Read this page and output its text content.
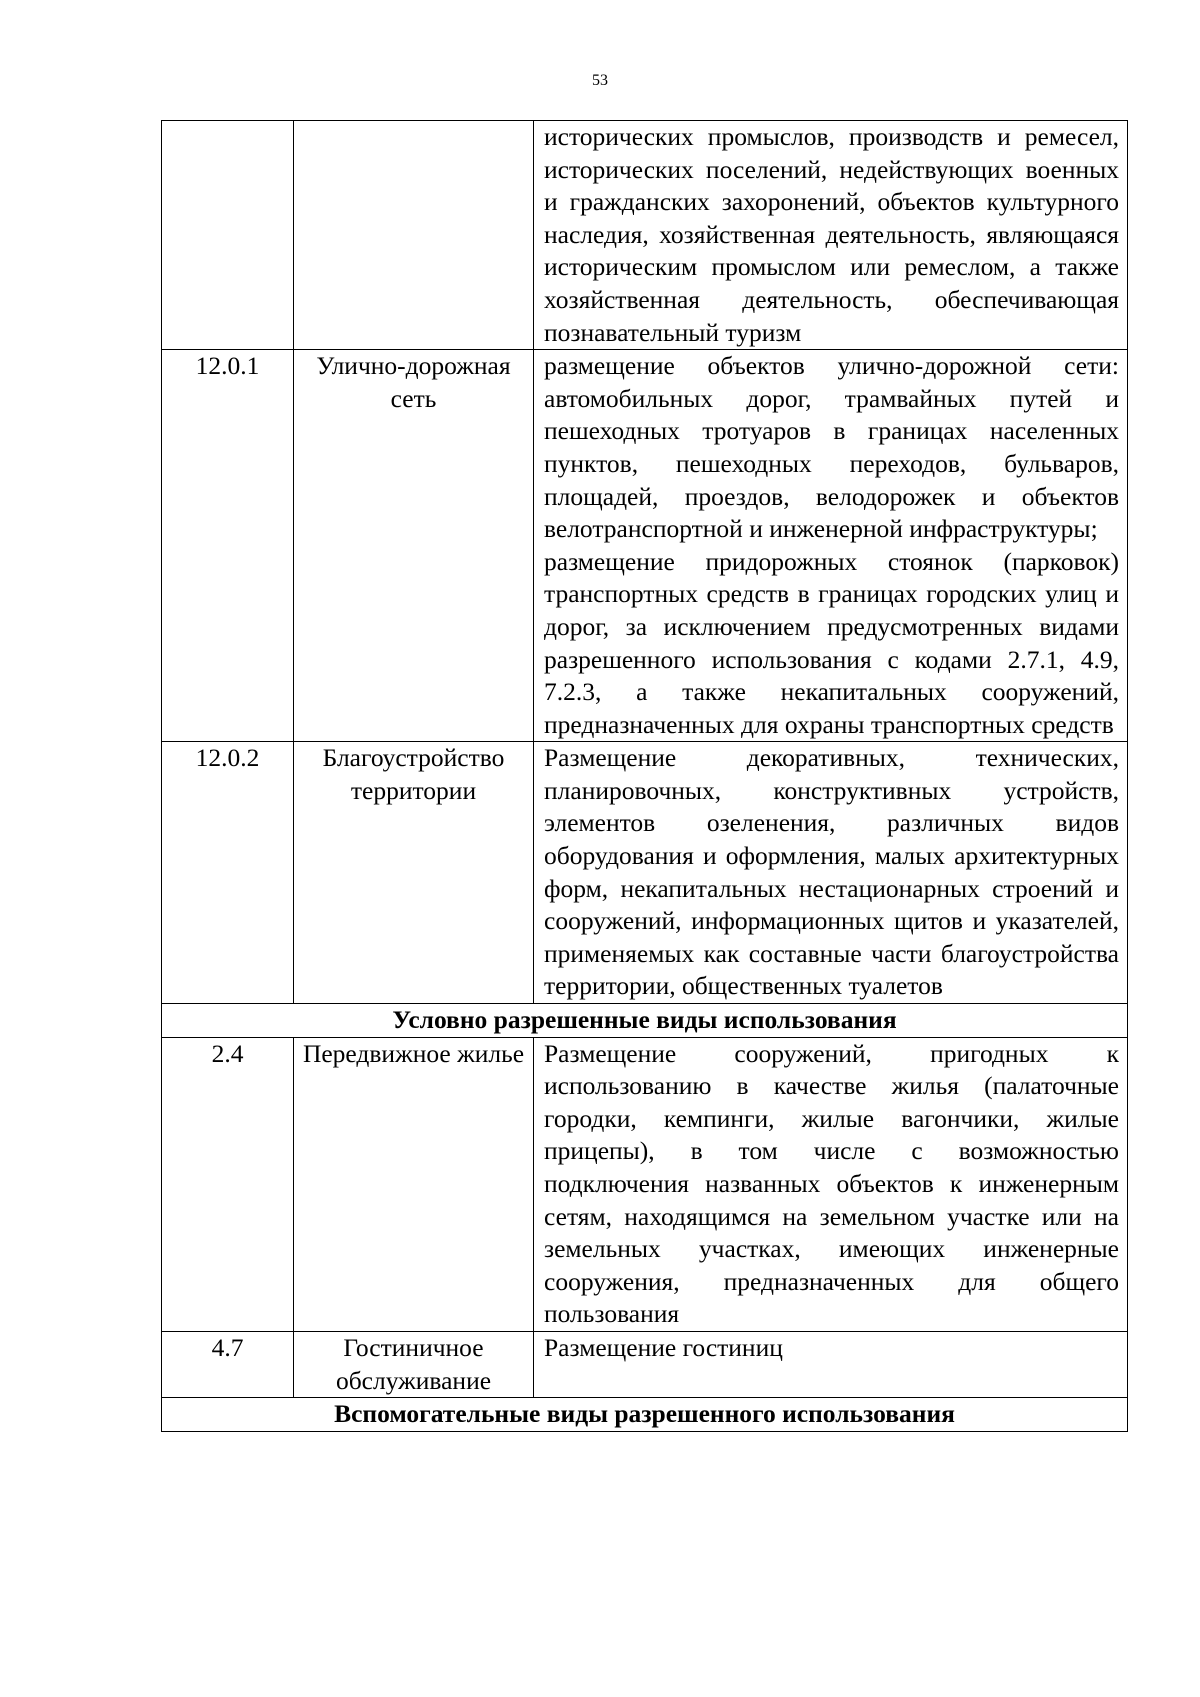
53

		исторических промыслов, производств и ремесел, исторических поселений, недействующих военных и гражданских захоронений, объектов культурного наследия, хозяйственная деятельность, являющаяся историческим промыслом или ремеслом, а также хозяйственная деятельность, обеспечивающая познавательный туризм

12.0.1	Улично-дорожная сеть	размещение объектов улично-дорожной сети: автомобильных дорог, трамвайных путей и пешеходных тротуаров в границах населенных пунктов, пешеходных переходов, бульваров, площадей, проездов, велодорожек и объектов велотранспортной и инженерной инфраструктуры;
размещение придорожных стоянок (парковок) транспортных средств в границах городских улиц и дорог, за исключением предусмотренных видами разрешенного использования с кодами 2.7.1, 4.9, 7.2.3, а также некапитальных сооружений, предназначенных для охраны транспортных средств

12.0.2	Благоустройство территории	Размещение декоративных, технических, планировочных, конструктивных устройств, элементов озеленения, различных видов оборудования и оформления, малых архитектурных форм, некапитальных нестационарных строений и сооружений, информационных щитов и указателей, применяемых как составные части благоустройства территории, общественных туалетов

Условно разрешенные виды использования		
2.4	Передвижное жилье	Размещение сооружений, пригодных к использованию в качестве жилья (палаточные городки, кемпинги, жилые вагончики, жилые прицепы), в том числе с возможностью подключения названных объектов к инженерным сетям, находящимся на земельном участке или на земельных участках, имеющих инженерные сооружения, предназначенных для общего пользования

4.7	Гостиничное обслуживание	Размещение гостиниц

Вспомогательные виды разрешенного использования		
